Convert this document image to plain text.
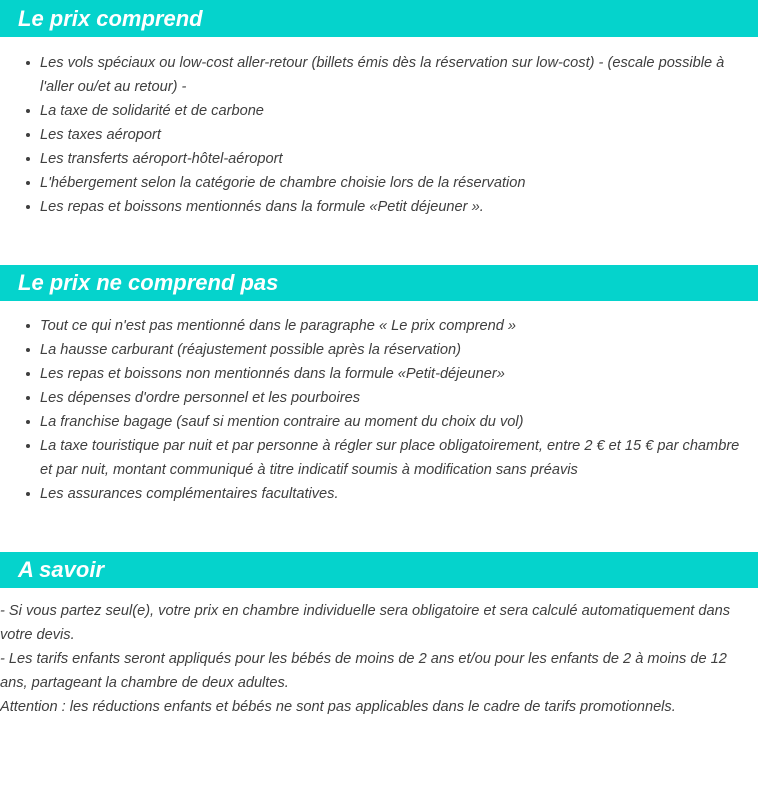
Le prix comprend
Les vols spéciaux ou low-cost aller-retour (billets émis dès la réservation sur low-cost) - (escale possible à l'aller ou/et au retour) -
La taxe de solidarité et de carbone
Les taxes aéroport
Les transferts aéroport-hôtel-aéroport
L'hébergement selon la catégorie de chambre choisie lors de la réservation
Les repas et boissons mentionnés dans la formule «Petit déjeuner ».
Le prix ne comprend pas
Tout ce qui n'est pas mentionné dans le paragraphe « Le prix comprend »
La hausse carburant (réajustement possible après la réservation)
Les repas et boissons non mentionnés dans la formule «Petit-déjeuner»
Les dépenses d'ordre personnel et les pourboires
La franchise bagage (sauf si mention contraire au moment du choix du vol)
La taxe touristique par nuit et par personne à régler sur place obligatoirement, entre 2 € et 15 € par chambre et par nuit, montant communiqué à titre indicatif soumis à modification sans préavis
Les assurances complémentaires facultatives.
A savoir

- Si vous partez seul(e), votre prix en chambre individuelle sera obligatoire et sera calculé automatiquement dans votre devis.

- Les tarifs enfants seront appliqués pour les bébés de moins de 2 ans et/ou pour les enfants de 2 à moins de 12 ans, partageant la chambre de deux adultes.

Attention : les réductions enfants et bébés ne sont pas applicables dans le cadre de tarifs promotionnels.
